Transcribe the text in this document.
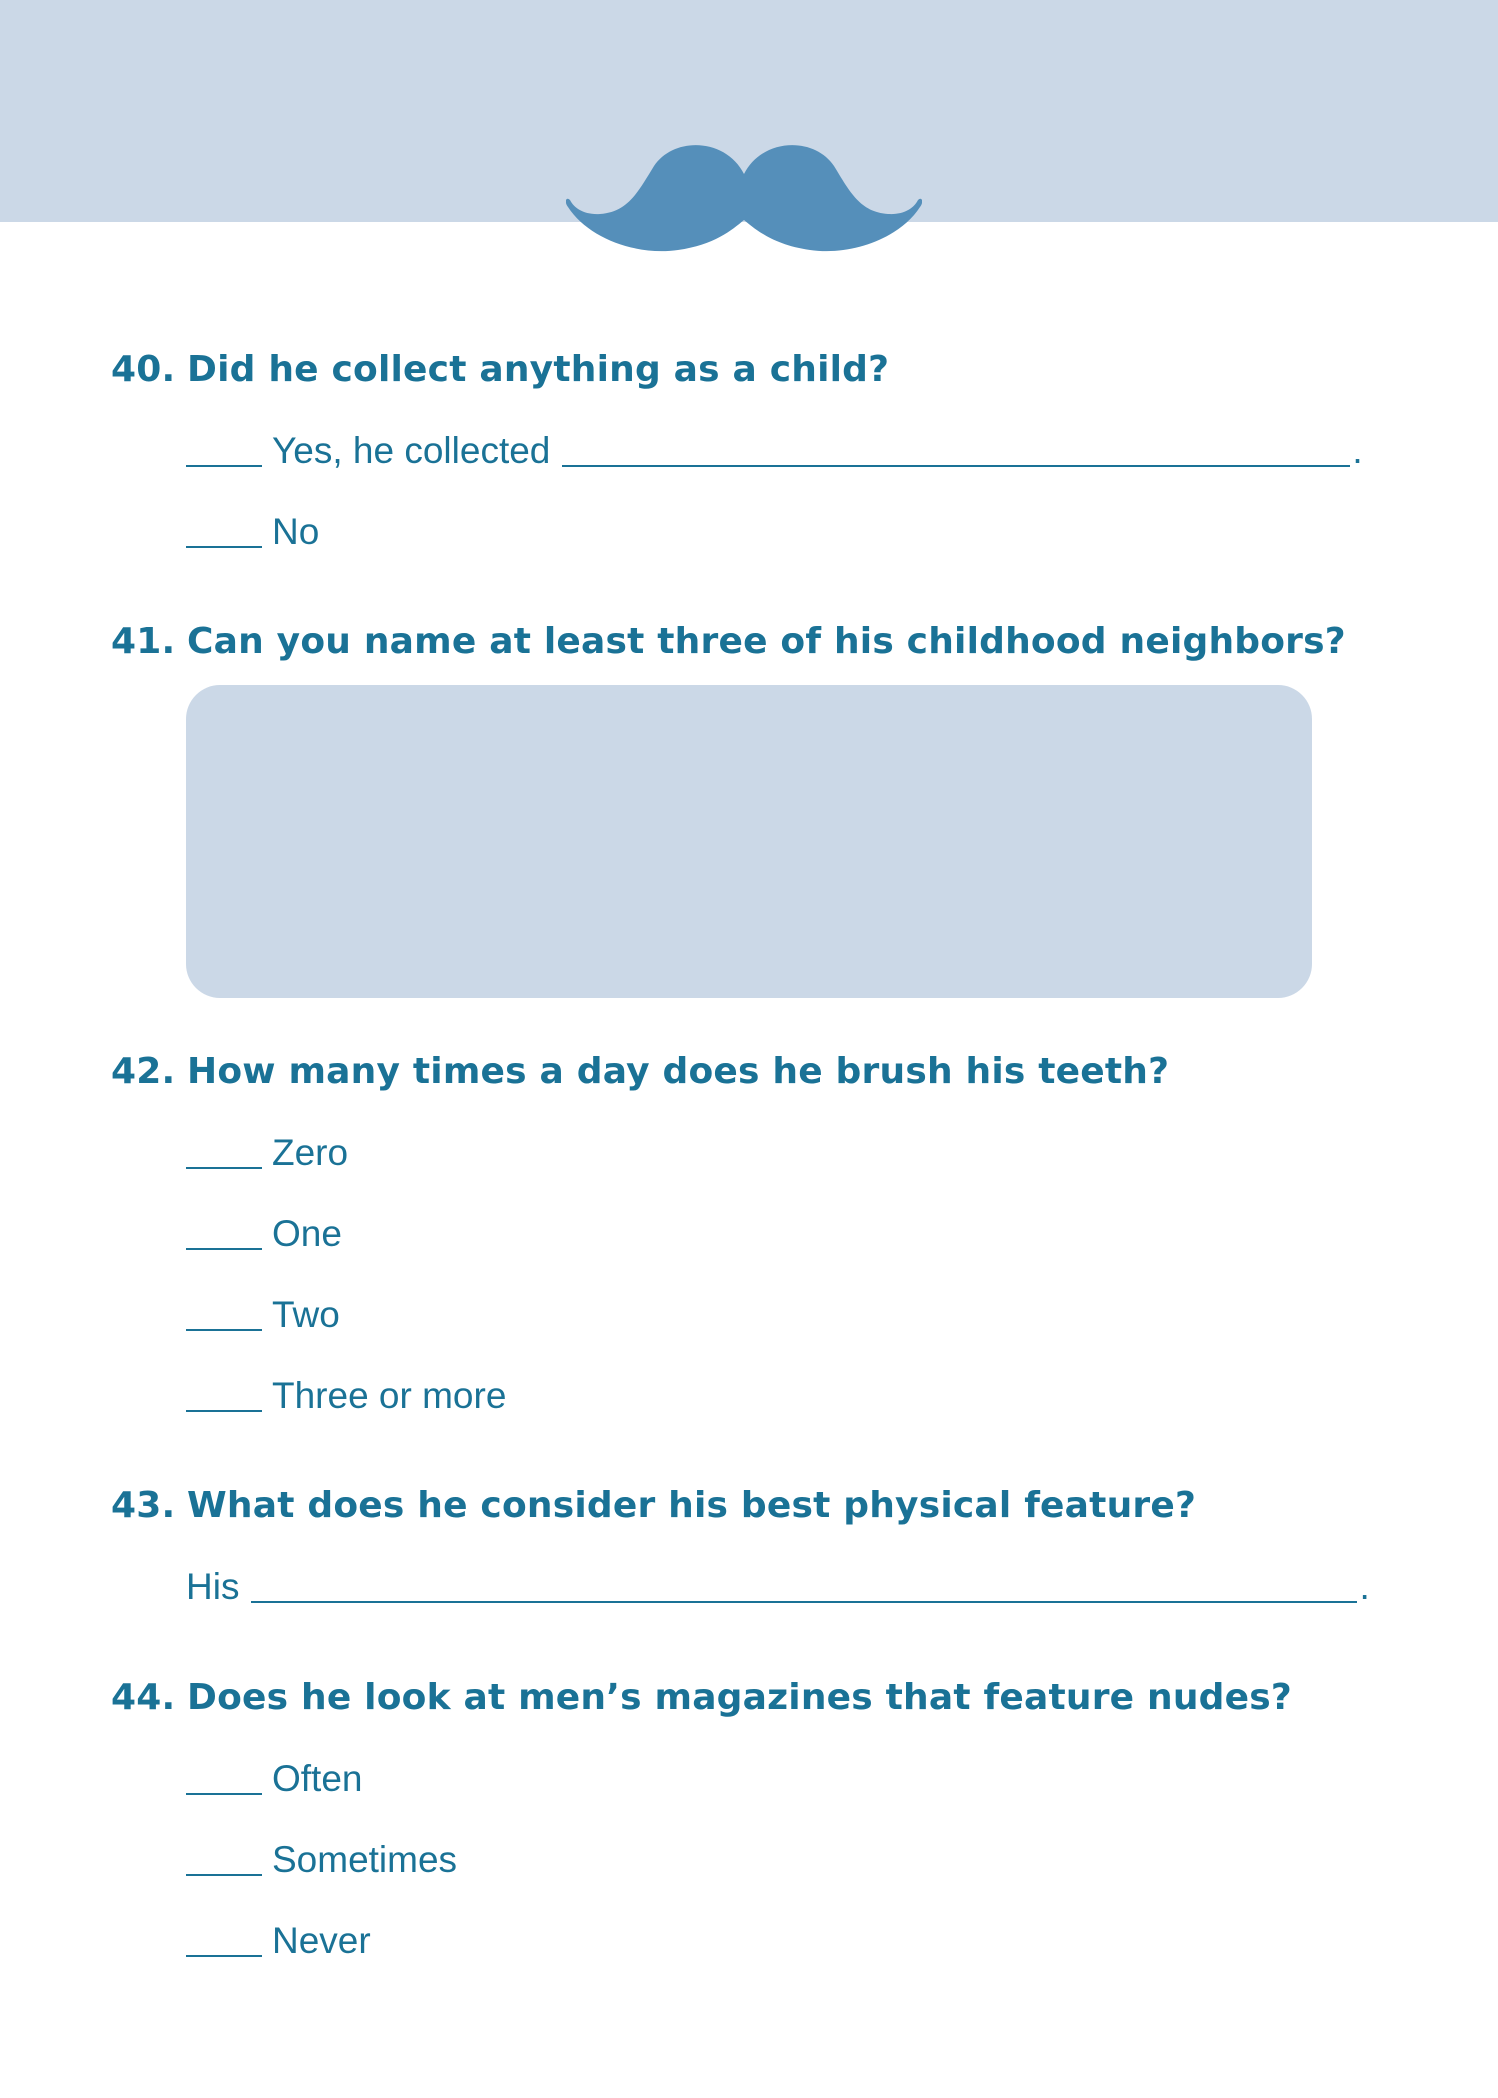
40. Did he collect anything as a child?
Yes, he collected	.
No
41. Can you name at least three of his childhood neighbors?
42. How many times a day does he brush his teeth?
Zero
One
Two
Three or more
43. What does he consider his best physical feature?
His	.
44. Does he look at men’s magazines that feature nudes?
Often
Sometimes
Never
